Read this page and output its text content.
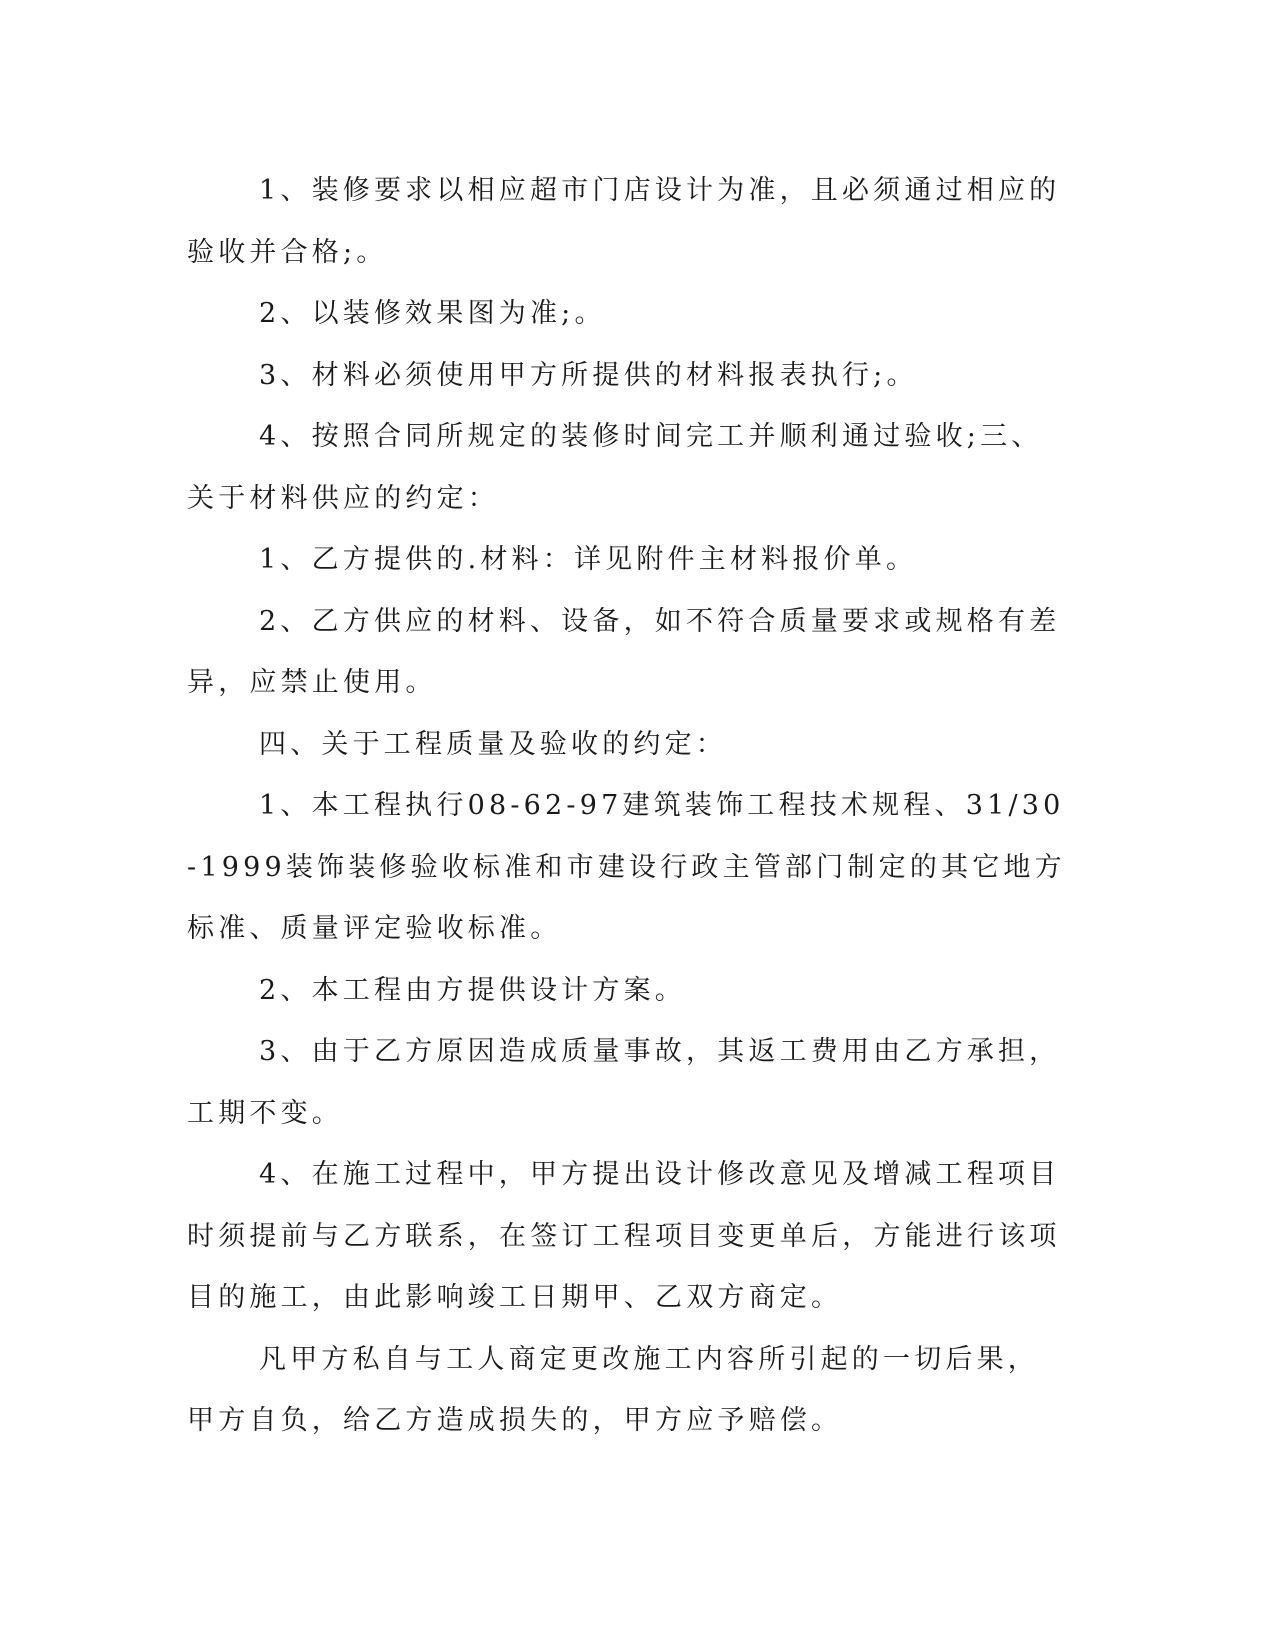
1、装修要求以相应超市门店设计为准，且必须通过相应的验收并合格;。

2、以装修效果图为准;。

3、材料必须使用甲方所提供的材料报表执行;。

4、按照合同所规定的装修时间完工并顺利通过验收;三、关于材料供应的约定：

1、乙方提供的.材料：详见附件主材料报价单。

2、乙方供应的材料、设备，如不符合质量要求或规格有差异，应禁止使用。

四、关于工程质量及验收的约定：

1、本工程执行08-62-97建筑装饰工程技术规程、31/30-1999装饰装修验收标准和市建设行政主管部门制定的其它地方标准、质量评定验收标准。

2、本工程由方提供设计方案。

3、由于乙方原因造成质量事故，其返工费用由乙方承担，工期不变。

4、在施工过程中，甲方提出设计修改意见及增减工程项目时须提前与乙方联系，在签订工程项目变更单后，方能进行该项目的施工，由此影响竣工日期甲、乙双方商定。

凡甲方私自与工人商定更改施工内容所引起的一切后果，甲方自负，给乙方造成损失的，甲方应予赔偿。
